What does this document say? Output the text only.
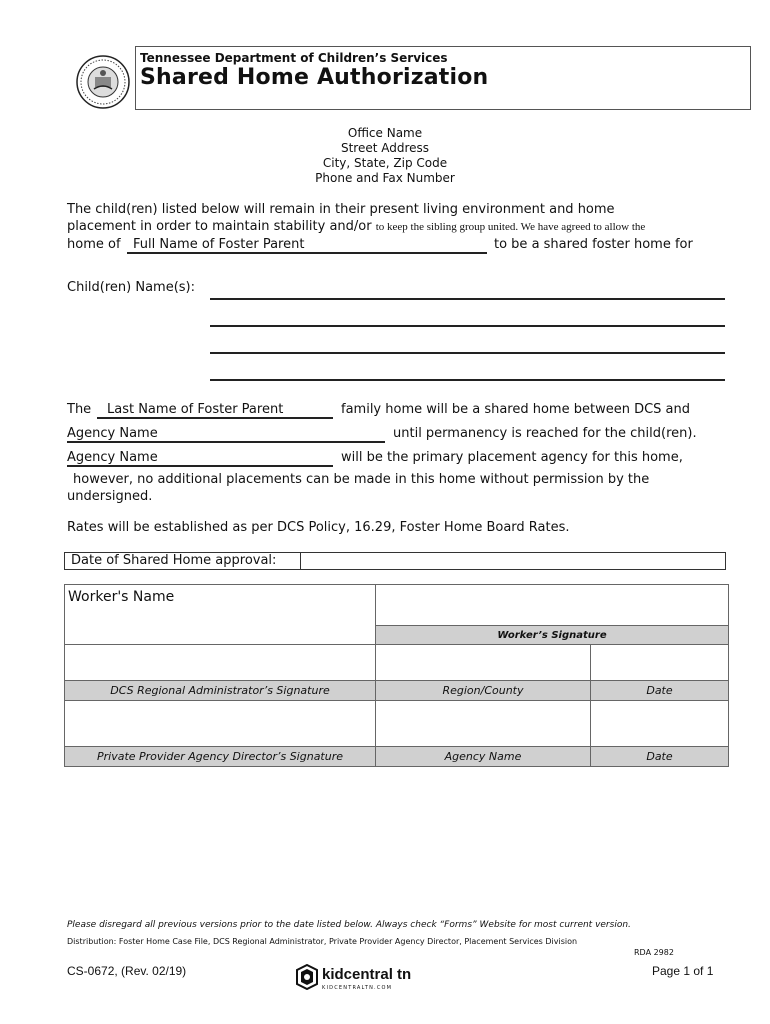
Tennessee Department of Children’s Services
Shared Home Authorization
Office Name
Street Address
City, State, Zip Code
Phone and Fax Number
The child(ren) listed below will remain in their present living environment and home
placement in order to maintain stability and/or to keep the sibling group united. We have agreed to allow the
home of Full Name of Foster Parent	to be a shared foster home for
Child(ren) Name(s):
The	Last Name of Foster Parent	family home will be a shared home between DCS and
Agency Name	until permanency is reached for the child(ren).
Agency Name	will be the primary placement agency for this home,
however, no additional placements can be made in this home without permission by the
undersigned.
Rates will be established as per DCS Policy, 16.29, Foster Home Board Rates.
Date of Shared Home approval:
Worker's Name		
	Worker’s Signature	

DCS Regional Administrator’s Signature	Region/County	Date

Private Provider Agency Director’s Signature	Agency Name	Date
Please disregard all previous versions prior to the date listed below. Always check “Forms” Website for most current version.
Distribution: Foster Home Case File, DCS Regional Administrator, Private Provider Agency Director, Placement Services Division
RDA 2982
CS-0672, (Rev. 02/19)	kidcentral tn
KIDCENTRALTN.COM
Page 1 of 1
